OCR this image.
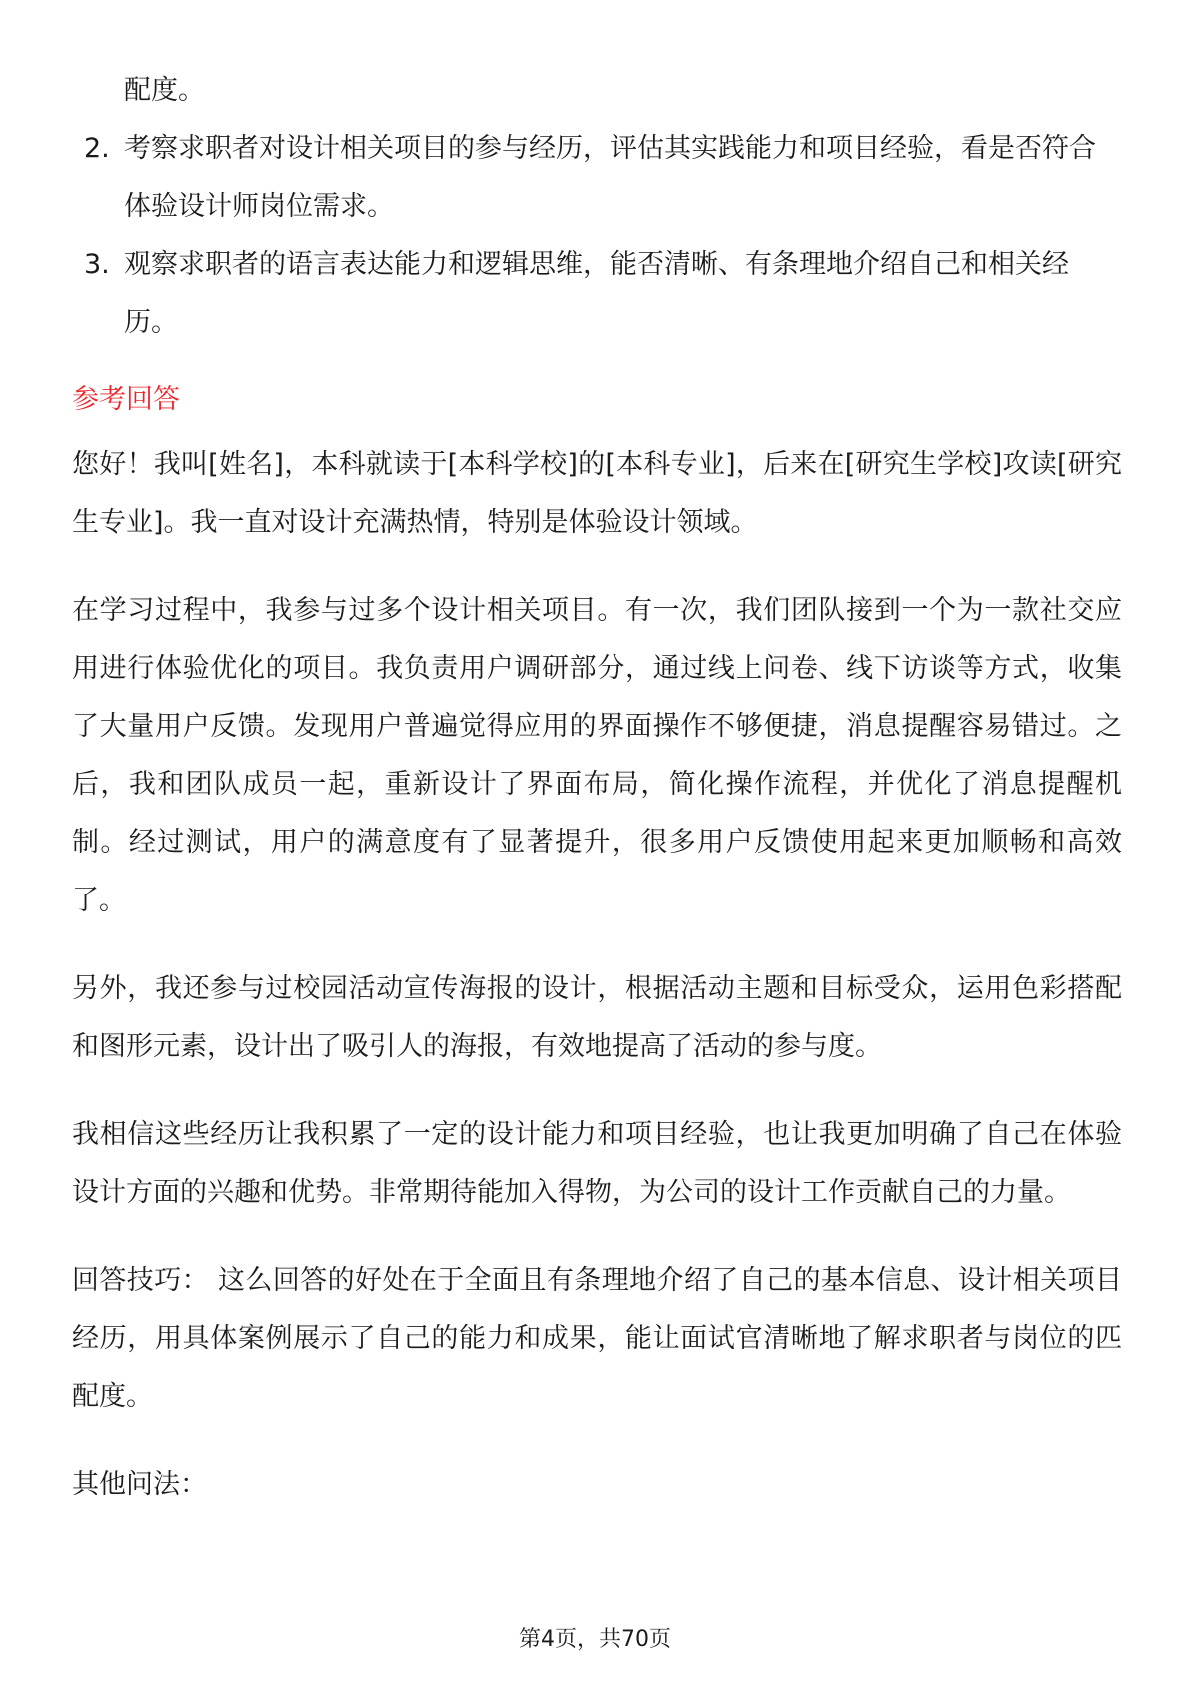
配度。

2. 考察求职者对设计相关项目的参与经历，评估其实践能力和项目经验，看是否符合体验设计师岗位需求。
3. 观察求职者的语言表达能力和逻辑思维，能否清晰、有条理地介绍自己和相关经历。
参考回答

您好！我叫[姓名]，本科就读于[本科学校]的[本科专业]，后来在[研究生学校]攻读[研究生专业]。我一直对设计充满热情，特别是体验设计领域。

在学习过程中，我参与过多个设计相关项目。有一次，我们团队接到一个为一款社交应用进行体验优化的项目。我负责用户调研部分，通过线上问卷、线下访谈等方式，收集了大量用户反馈。发现用户普遍觉得应用的界面操作不够便捷，消息提醒容易错过。之后，我和团队成员一起，重新设计了界面布局，简化操作流程，并优化了消息提醒机制。经过测试，用户的满意度有了显著提升，很多用户反馈使用起来更加顺畅和高效了。

另外，我还参与过校园活动宣传海报的设计，根据活动主题和目标受众，运用色彩搭配和图形元素，设计出了吸引人的海报，有效地提高了活动的参与度。

我相信这些经历让我积累了一定的设计能力和项目经验，也让我更加明确了自己在体验设计方面的兴趣和优势。非常期待能加入得物，为公司的设计工作贡献自己的力量。

回答技巧： 这么回答的好处在于全面且有条理地介绍了自己的基本信息、设计相关项目经历，用具体案例展示了自己的能力和成果，能让面试官清晰地了解求职者与岗位的匹配度。

其他问法：

第4页，共70页
